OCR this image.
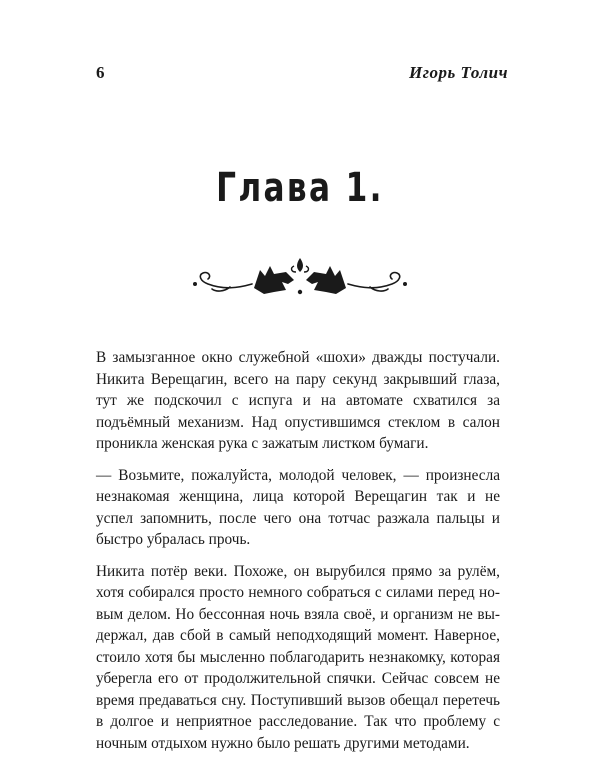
6	Игорь Толич
Глава 1.

В замызганное окно служебной «шохи» дважды постучали. Никита Верещагин, всего на пару секунд закрывший глаза, тут же подскочил с испуга и на автомате схватился за подъёмный механизм. Над опустившимся стеклом в салон проникла женская рука с зажатым листком бумаги.

— Возьмите, пожалуйста, молодой человек, — произнесла незнакомая женщина, лица которой Верещагин так и не успел запомнить, после чего она тотчас разжала пальцы и быстро убралась прочь.

Никита потёр веки. Похоже, он вырубился прямо за рулём, хотя собирался просто немного собраться с силами перед новым делом. Но бессонная ночь взяла своё, и организм не выдержал, дав сбой в самый неподходящий момент. Наверное, стоило хотя бы мысленно поблагодарить незнакомку, которая уберегла его от продолжительной спячки. Сейчас совсем не время предаваться сну. Поступивший вызов обещал перетечь в долгое и неприятное расследование. Так что проблему с ночным отдыхом нужно было решать другими методами.
